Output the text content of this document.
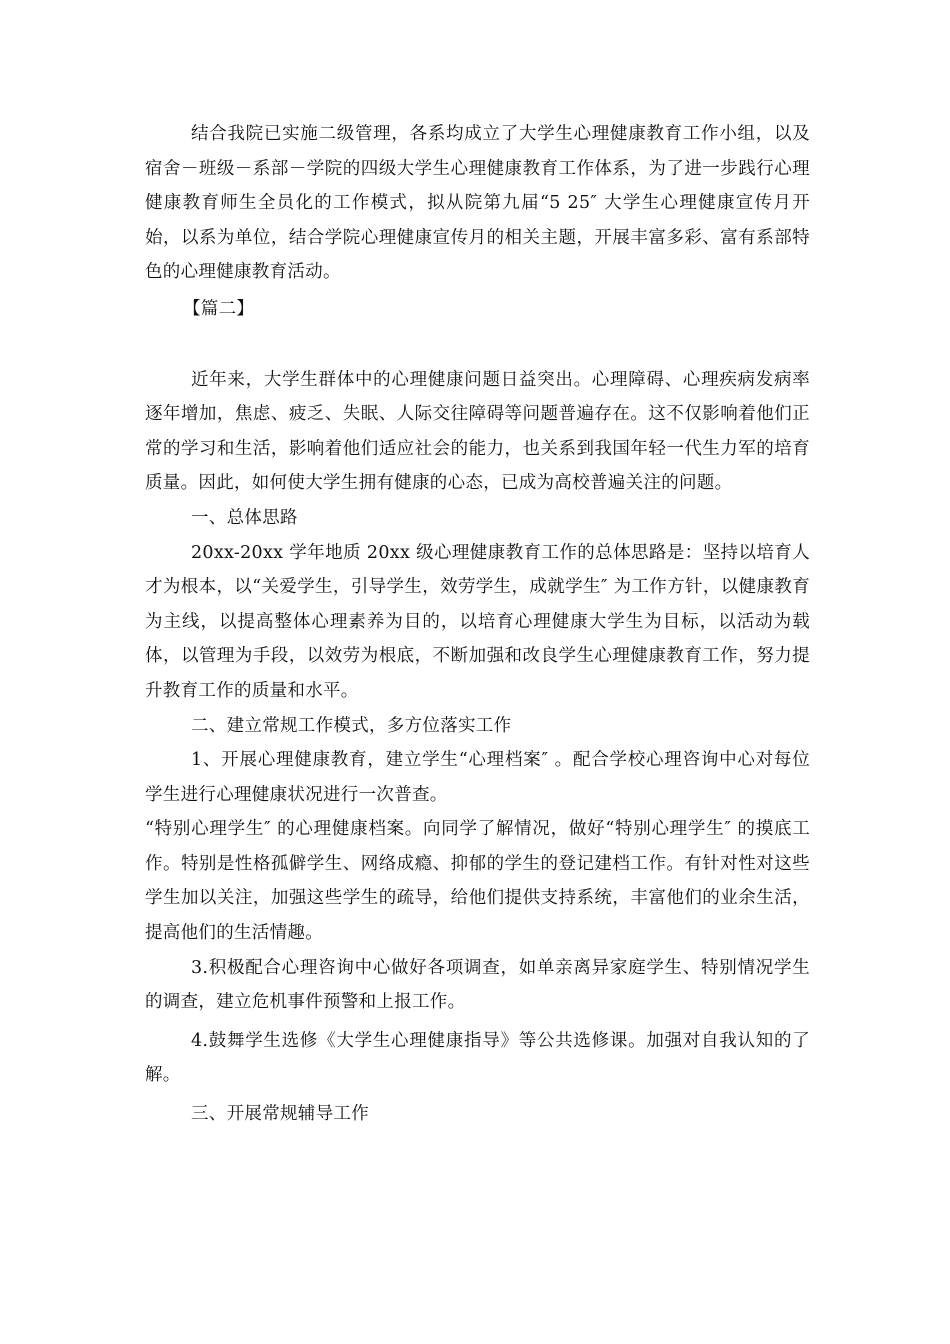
结合我院已实施二级管理，各系均成立了大学生心理健康教育工作小组，以及宿舍－班级－系部－学院的四级大学生心理健康教育工作体系，为了进一步践行心理健康教育师生全员化的工作模式，拟从院第九届“5 25″ 大学生心理健康宣传月开始，以系为单位，结合学院心理健康宣传月的相关主题，开展丰富多彩、富有系部特色的心理健康教育活动。

【篇二】

近年来，大学生群体中的心理健康问题日益突出。心理障碍、心理疾病发病率逐年增加，焦虑、疲乏、失眠、人际交往障碍等问题普遍存在。这不仅影响着他们正常的学习和生活，影响着他们适应社会的能力，也关系到我国年轻一代生力军的培育质量。因此，如何使大学生拥有健康的心态，已成为高校普遍关注的问题。

一、总体思路

20xx-20xx 学年地质 20xx 级心理健康教育工作的总体思路是：坚持以培育人才为根本，以“关爱学生，引导学生，效劳学生，成就学生″ 为工作方针，以健康教育为主线，以提高整体心理素养为目的，以培育心理健康大学生为目标，以活动为载体，以管理为手段，以效劳为根底，不断加强和改良学生心理健康教育工作，努力提升教育工作的质量和水平。

二、建立常规工作模式，多方位落实工作

1、开展心理健康教育，建立学生“心理档案″ 。配合学校心理咨询中心对每位学生进行心理健康状况进行一次普查。

“特别心理学生″ 的心理健康档案。向同学了解情况，做好“特别心理学生″ 的摸底工作。特别是性格孤僻学生、网络成瘾、抑郁的学生的登记建档工作。有针对性对这些学生加以关注，加强这些学生的疏导，给他们提供支持系统，丰富他们的业余生活，提高他们的生活情趣。

3.积极配合心理咨询中心做好各项调查，如单亲离异家庭学生、特别情况学生的调查，建立危机事件预警和上报工作。

4.鼓舞学生选修《大学生心理健康指导》等公共选修课。加强对自我认知的了解。

三、开展常规辅导工作
